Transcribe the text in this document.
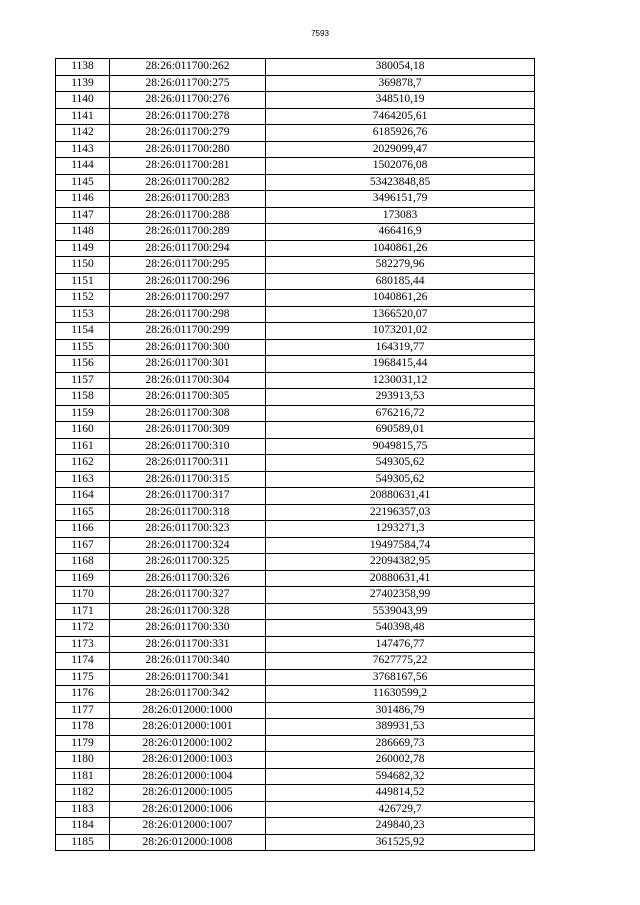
7593
1138	28:26:011700:262	380054,18
1139	28:26:011700:275	369878,7
1140	28:26:011700:276	348510,19
1141	28:26:011700:278	7464205,61
1142	28:26:011700:279	6185926,76
1143	28:26:011700:280	2029099,47
1144	28:26:011700:281	1502076,08
1145	28:26:011700:282	53423848,85
1146	28:26:011700:283	3496151,79
1147	28:26:011700:288	173083
1148	28:26:011700:289	466416,9
1149	28:26:011700:294	1040861,26
1150	28:26:011700:295	582279,96
1151	28:26:011700:296	680185,44
1152	28:26:011700:297	1040861,26
1153	28:26:011700:298	1366520,07
1154	28:26:011700:299	1073201,02
1155	28:26:011700:300	164319,77
1156	28:26:011700:301	1968415,44
1157	28:26:011700:304	1230031,12
1158	28:26:011700:305	293913,53
1159	28:26:011700:308	676216,72
1160	28:26:011700:309	690589,01
1161	28:26:011700:310	9049815,75
1162	28:26:011700:311	549305,62
1163	28:26:011700:315	549305,62
1164	28:26:011700:317	20880631,41
1165	28:26:011700:318	22196357,03
1166	28:26:011700:323	1293271,3
1167	28:26:011700:324	19497584,74
1168	28:26:011700:325	22094382,95
1169	28:26:011700:326	20880631,41
1170	28:26:011700:327	27402358,99
1171	28:26:011700:328	5539043,99
1172	28:26:011700:330	540398,48
1173	28:26:011700:331	147476,77
1174	28:26:011700:340	7627775,22
1175	28:26:011700:341	3768167,56
1176	28:26:011700:342	11630599,2
1177	28:26:012000:1000	301486,79
1178	28:26:012000:1001	389931,53
1179	28:26:012000:1002	286669,73
1180	28:26:012000:1003	260002,78
1181	28:26:012000:1004	594682,32
1182	28:26:012000:1005	449814,52
1183	28:26:012000:1006	426729,7
1184	28:26:012000:1007	249840,23
1185	28:26:012000:1008	361525,92
